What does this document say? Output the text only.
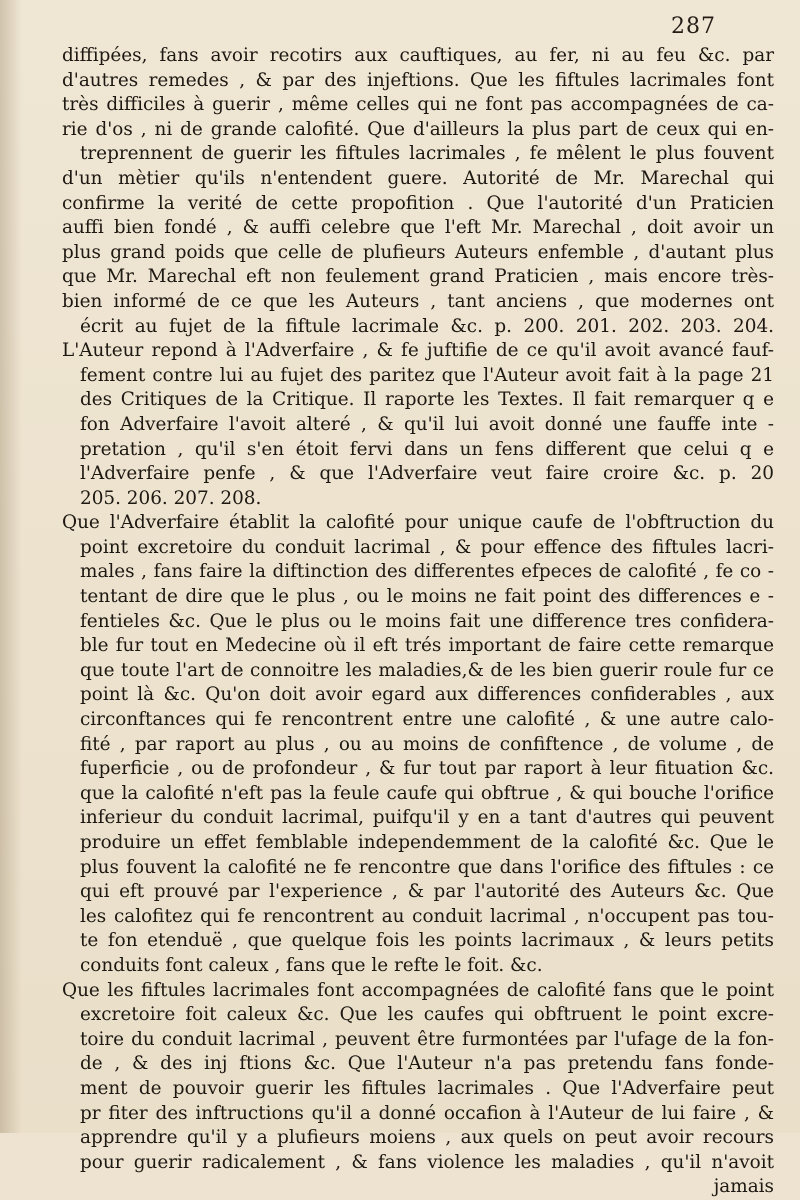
287
diffipées, fans avoir recotirs aux cauftiques, au fer, ni au feu &c. par
d'autres remedes , & par des injeftions. Que les fiftules lacrimales font
très difficiles à guerir , même celles qui ne font pas accompagnées de ca-
rie d'os , ni de grande calofité. Que d'ailleurs la plus part de ceux qui en-
treprennent de guerir les fiftules lacrimales , fe mêlent le plus fouvent
d'un mètier qu'ils n'entendent guere. Autorité de Mr. Marechal qui
confirme la verité de cette propofition . Que l'autorité d'un Praticien
auffi bien fondé , & auffi celebre que l'eft Mr. Marechal , doit avoir un
plus grand poids que celle de plufieurs Auteurs enfemble , d'autant plus
que Mr. Marechal eft non feulement grand Praticien , mais encore très-
bien informé de ce que les Auteurs , tant anciens , que modernes ont
écrit au fujet de la fiftule lacrimale &c. p. 200. 201. 202. 203. 204.
L'Auteur repond à l'Adverfaire , & fe juftifie de ce qu'il avoit avancé fauf-
fement contre lui au fujet des paritez que l'Auteur avoit fait à la page 21
des Critiques de la Critique. Il raporte les Textes. Il fait remarquer q e
fon Adverfaire l'avoit alteré , & qu'il lui avoit donné une fauffe inte -
pretation , qu'il s'en étoit fervi dans un fens different que celui q e
l'Adverfaire penfe , & que l'Adverfaire veut faire croire &c. p. 20
205. 206. 207. 208.
Que l'Adverfaire établit la calofité pour unique caufe de l'obftruction du
point excretoire du conduit lacrimal , & pour effence des fiftules lacri-
males , fans faire la diftinction des differentes efpeces de calofité , fe co -
tentant de dire que le plus , ou le moins ne fait point des differences e -
fentieles &c. Que le plus ou le moins fait une difference tres confidera-
ble fur tout en Medecine où il eft trés important de faire cette remarque
que toute l'art de connoitre les maladies,& de les bien guerir roule fur ce
point là &c. Qu'on doit avoir egard aux differences confiderables , aux
circonftances qui fe rencontrent entre une calofité , & une autre calo-
fité , par raport au plus , ou au moins de confiftence , de volume , de
fuperficie , ou de profondeur , & fur tout par raport à leur fituation &c.
que la calofité n'eft pas la feule caufe qui obftrue , & qui bouche l'orifice
inferieur du conduit lacrimal, puifqu'il y en a tant d'autres qui peuvent
produire un effet femblable independemment de la calofité &c. Que le
plus fouvent la calofité ne fe rencontre que dans l'orifice des fiftules : ce
qui eft prouvé par l'experience , & par l'autorité des Auteurs &c. Que
les calofitez qui fe rencontrent au conduit lacrimal , n'occupent pas tou-
te fon etenduë , que quelque fois les points lacrimaux , & leurs petits
conduits font caleux , fans que le refte le foit. &c.
Que les fiftules lacrimales font accompagnées de calofité fans que le point
excretoire foit caleux &c. Que les caufes qui obftruent le point excre-
toire du conduit lacrimal , peuvent être furmontées par l'ufage de la fon-
de , & des inj ftions &c. Que l'Auteur n'a pas pretendu fans fonde-
ment de pouvoir guerir les fiftules lacrimales . Que l'Adverfaire peut
pr fiter des inftructions qu'il a donné occafion à l'Auteur de lui faire , &
apprendre qu'il y a plufieurs moiens , aux quels on peut avoir recours
pour guerir radicalement , & fans violence les maladies , qu'il n'avoit
jamais
